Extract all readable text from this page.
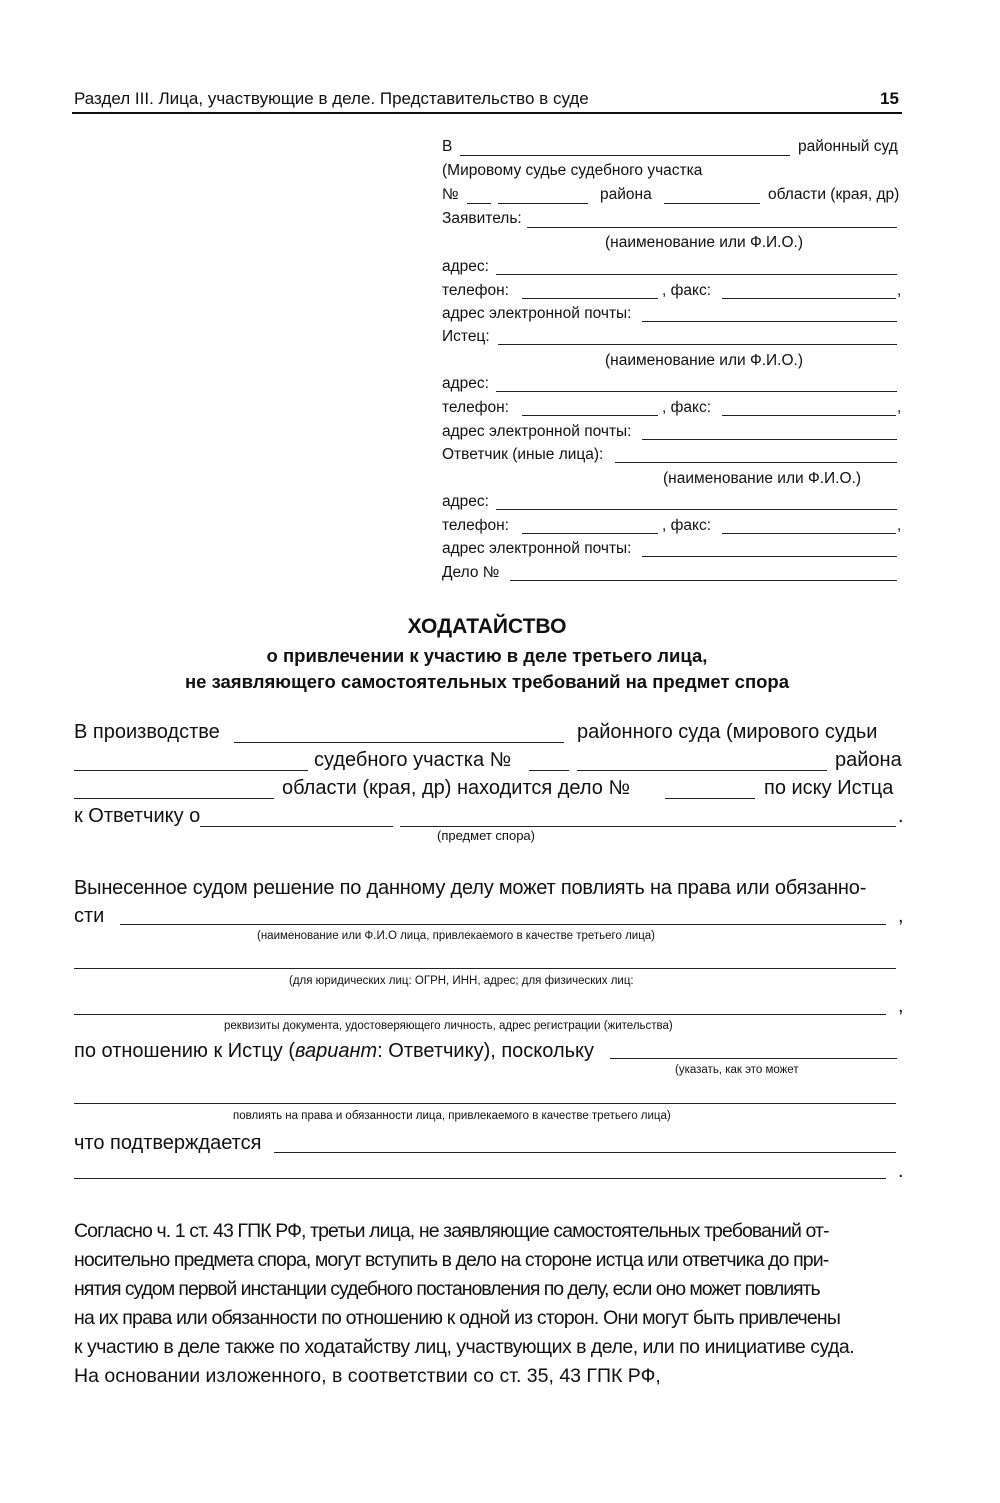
Раздел III. Лица, участвующие в деле. Представительство в суде	15
В	районный суд
(Мировому судье судебного участка
№	района	области (края, др)
Заявитель:
(наименование или Ф.И.О.)
адрес:
телефон:	, факс:	,
адрес электронной почты:
Истец:
(наименование или Ф.И.О.)
адрес:
телефон:	, факс:	,
адрес электронной почты:
Ответчик (иные лица):
(наименование или Ф.И.О.)
адрес:
телефон:	, факс:	,
адрес электронной почты:
Дело №
ХОДАТАЙСТВО
о привлечении к участию в деле третьего лица,
не заявляющего самостоятельных требований на предмет спора
В производстве	районного суда (мирового судьи
судебного участка №	района
области (края, др) находится дело №	по иску Истца
к Ответчику о	.
(предмет спора)
Вынесенное судом решение по данному делу может повлиять на права или обязанно-
сти	,
(наименование или Ф.И.О лица, привлекаемого в качестве третьего лица)
(для юридических лиц: ОГРН, ИНН, адрес; для физических лиц:
,
реквизиты документа, удостоверяющего личность, адрес регистрации (жительства)
по отношению к Истцу (вариант: Ответчику), поскольку
(указать, как это может
повлиять на права и обязанности лица, привлекаемого в качестве третьего лица)
что подтверждается
.
Согласно ч. 1 ст. 43 ГПК РФ, третьи лица, не заявляющие самостоятельных требований от-
носительно предмета спора, могут вступить в дело на стороне истца или ответчика до при-
нятия судом первой инстанции судебного постановления по делу, если оно может повлиять
на их права или обязанности по отношению к одной из сторон. Они могут быть привлечены
к участию в деле также по ходатайству лиц, участвующих в деле, или по инициативе суда.
На основании изложенного, в соответствии со ст. 35, 43 ГПК РФ,
